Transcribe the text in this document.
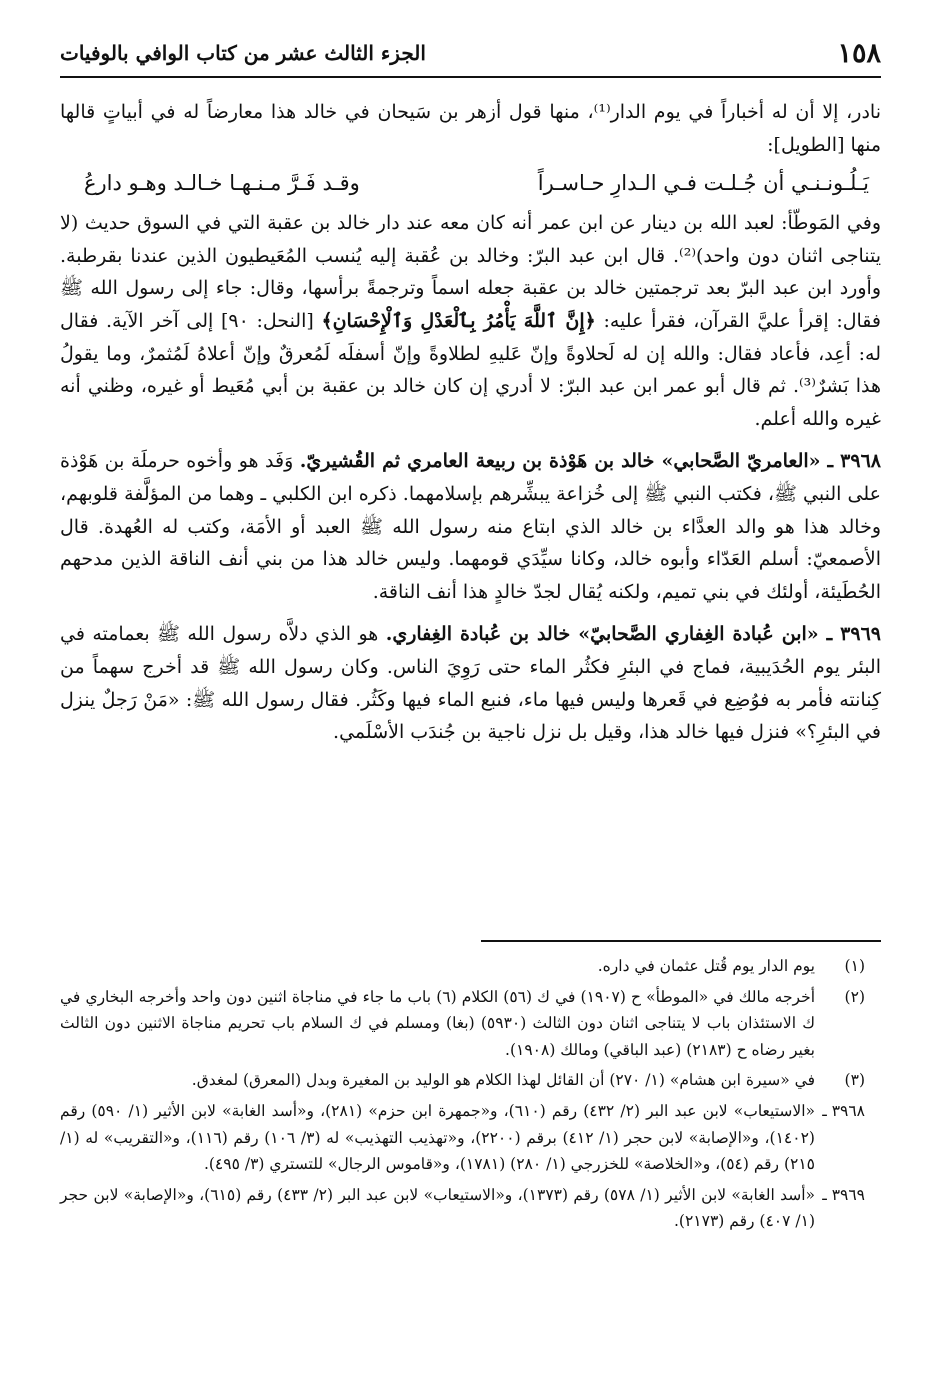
١٥٨
الجزء الثالث عشر من كتاب الوافي بالوفيات

نادر، إلا أن له أخباراً في يوم الدار⁽¹⁾، منها قول أزهر بن سَيحان في خالد هذا معارضاً له في أبياتٍ قالها منها [الطويل]:

يَـلُـونـنـي أن جُـلـت فـي الـدارِ حـاسـراً
وقـد فَـرَّ مـنـهـا خـالـد وهـو دارعُ

وفي المَوطّأ: لعبد الله بن دينار عن ابن عمر أنه كان معه عند دار خالد بن عقبة التي في السوق حديث (لا يتناجى اثنان دون واحد)⁽²⁾. قال ابن عبد البرّ: وخالد بن عُقبة إليه يُنسب المُعَيطيون الذين عندنا بقرطبة. وأورد ابن عبد البرّ بعد ترجمتين خالد بن عقبة جعله اسماً وترجمةً برأسها، وقال: جاء إلى رسول الله ﷺ فقال: إقرأ عليَّ القرآن، فقرأ عليه: ﴿إِنَّ ٱللَّهَ يَأْمُرُ بِٱلْعَدْلِ وَٱلْإِحْسَانِ﴾ [النحل: ٩٠] إلى آخر الآية. فقال له: أعِد، فأعاد فقال: والله إن له لَحلاوةً وإنّ عَليهِ لطلاوةً وإنّ أسفلَه لَمُعرقٌ وإنّ أعلاهُ لَمُثمرٌ، وما يقولُ هذا بَشرٌ⁽³⁾. ثم قال أبو عمر ابن عبد البرّ: لا أدري إن كان خالد بن عقبة بن أبي مُعَيط أو غيره، وظني أنه غيره والله أعلم.

٣٩٦٨ ـ «العامريّ الصَّحابي» خالد بن هَوْذة بن ربيعة العامري ثم القُشيريّ. وَفَد هو وأخوه حرملَة بن هَوْذة على النبي ﷺ، فكتب النبي ﷺ إلى خُزاعة يبشِّرهم بإسلامهما. ذكره ابن الكلبي ـ وهما من المؤلَّفة قلوبهم، وخالد هذا هو والد العدَّاء بن خالد الذي ابتاع منه رسول الله ﷺ العبد أو الأمَة، وكتب له العُهدة. قال الأصمعيّ: أسلم العَدّاء وأبوه خالد، وكانا سيِّدَي قومهما. وليس خالد هذا من بني أنف الناقة الذين مدحهم الحُطَيئة، أولئك في بني تميم، ولكنه يُقال لجدّ خالدٍ هذا أنف الناقة.

٣٩٦٩ ـ «ابن عُبادة الغِفاري الصَّحابيّ» خالد بن عُبادة الغِفاري. هو الذي دلاَّه رسول الله ﷺ بعمامته في البئر يوم الحُدَيبية، فماج في البئرِ فكثُر الماء حتى رَوِيَ الناس. وكان رسول الله ﷺ قد أخرج سهماً من كِنانته فأمر به فوُضِع في قَعرها وليس فيها ماء، فنبع الماء فيها وكَثُر. فقال رسول الله ﷺ: «مَنْ رَجلٌ ينزل في البئرِ؟» فنزل فيها خالد هذا، وقيل بل نزل ناجية بن جُندَب الأسْلَمي.

(١)
يوم الدار يوم قُتل عثمان في داره.
(٢)
أخرجه مالك في «الموطأ» ح (١٩٠٧) في ك (٥٦) الكلام (٦) باب ما جاء في مناجاة اثنين دون واحد وأخرجه البخاري في ك الاستئذان باب لا يتناجى اثنان دون الثالث (٥٩٣٠) (بغا) ومسلم في ك السلام باب تحريم مناجاة الاثنين دون الثالث بغير رضاه ح (٢١٨٣) (عبد الباقي) ومالك (١٩٠٨).
(٣)
في «سيرة ابن هشام» (١/ ٢٧٠) أن القائل لهذا الكلام هو الوليد بن المغيرة وبدل (المعرق) لمغدق.
٣٩٦٨ ـ
«الاستيعاب» لابن عبد البر (٢/ ٤٣٢) رقم (٦١٠)، و«جمهرة ابن حزم» (٢٨١)، و«أسد الغابة» لابن الأثير (١/ ٥٩٠) رقم (١٤٠٢)، و«الإصابة» لابن حجر (١/ ٤١٢) برقم (٢٢٠٠)، و«تهذيب التهذيب» له (٣/ ١٠٦) رقم (١١٦)، و«التقريب» له (١/ ٢١٥) رقم (٥٤)، و«الخلاصة» للخزرجي (١/ ٢٨٠) (١٧٨١)، و«قاموس الرجال» للتستري (٣/ ٤٩٥).
٣٩٦٩ ـ
«أسد الغابة» لابن الأثير (١/ ٥٧٨) رقم (١٣٧٣)، و«الاستيعاب» لابن عبد البر (٢/ ٤٣٣) رقم (٦١٥)، و«الإصابة» لابن حجر (١/ ٤٠٧) رقم (٢١٧٣).
